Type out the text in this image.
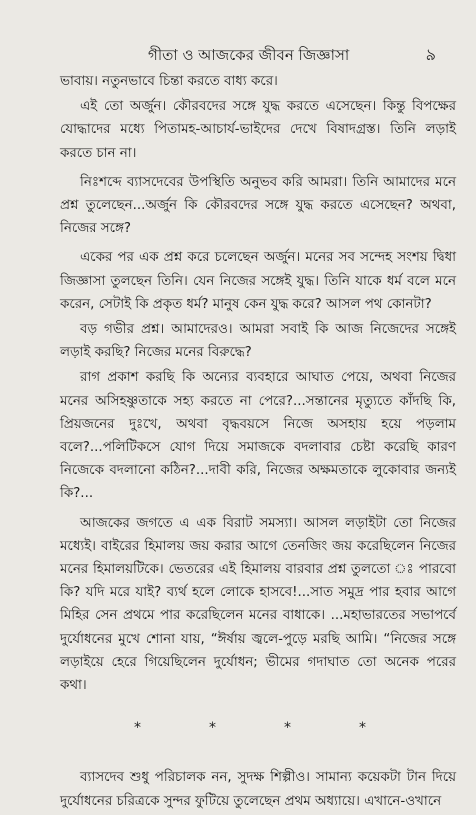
গীতা ও আজকের জীবন জিজ্ঞাসা	৯

ভাবায়। নতুনভাবে চিন্তা করতে বাধ্য করে।

এই তো অর্জুন। কৌরবদের সঙ্গে যুদ্ধ করতে এসেছেন। কিন্তু বিপক্ষের যোদ্ধাদের মধ্যে পিতামহ-আচার্য-ভাইদের দেখে বিষাদগ্রস্ত। তিনি লড়াই করতে চান না।

নিঃশব্দে ব্যাসদেবের উপস্থিতি অনুভব করি আমরা। তিনি আমাদের মনে প্রশ্ন তুলেছেন...অর্জুন কি কৌরবদের সঙ্গে যুদ্ধ করতে এসেছেন? অথবা, নিজের সঙ্গে?

একের পর এক প্রশ্ন করে চলেছেন অর্জুন। মনের সব সন্দেহ সংশয় দ্বিধা জিজ্ঞাসা তুলছেন তিনি। যেন নিজের সঙ্গেই যুদ্ধ। তিনি যাকে ধর্ম বলে মনে করেন, সেটাই কি প্রকৃত ধর্ম? মানুষ কেন যুদ্ধ করে? আসল পথ কোনটা?

বড় গভীর প্রশ্ন। আমাদেরও। আমরা সবাই কি আজ নিজেদের সঙ্গেই লড়াই করছি? নিজের মনের বিরুদ্ধে?

রাগ প্রকাশ করছি কি অন্যের ব্যবহারে আঘাত পেয়ে, অথবা নিজের মনের অসিহষ্ণুতাকে সহ্য করতে না পেরে?...সন্তানের মৃত্যুতে কাঁদছি কি, প্রিয়জনের দুঃখে, অথবা বৃদ্ধবয়সে নিজে অসহায় হয়ে পড়লাম বলে?...পলিটিকসে যোগ দিয়ে সমাজকে বদলাবার চেষ্টা করেছি কারণ নিজেকে বদলানো কঠিন?...দাবী করি, নিজের অক্ষমতাকে লুকোবার জন্যই কি?...

আজকের জগতে এ এক বিরাট সমস্যা। আসল লড়াইটা তো নিজের মধ্যেই। বাইরের হিমালয় জয় করার আগে তেনজিং জয় করেছিলেন নিজের মনের হিমালয়টিকে। ভেতরের এই হিমালয় বারবার প্রশ্ন তুলতো ঃ পারবো কি? যদি মরে যাই? ব্যর্থ হলে লোকে হাসবে!...সাত সমুদ্র পার হবার আগে মিহির সেন প্রথমে পার করেছিলেন মনের বাধাকে। ...মহাভারতের সভাপর্বে দুর্যোধনের মুখে শোনা যায়, “ঈর্ষায় জ্বলে-পুড়ে মরছি আমি। “নিজের সঙ্গে লড়াইয়ে হেরে গিয়েছিলেন দুর্যোধন; ভীমের গদাঘাত তো অনেক পরের কথা।

*	*	*	*

ব্যাসদেব শুধু পরিচালক নন, সুদক্ষ শিল্পীও। সামান্য কয়েকটা টান দিয়ে দুর্যোধনের চরিত্রকে সুন্দর ফুটিয়ে তুলেছেন প্রথম অধ্যায়ে। এখানে-ওখানে
